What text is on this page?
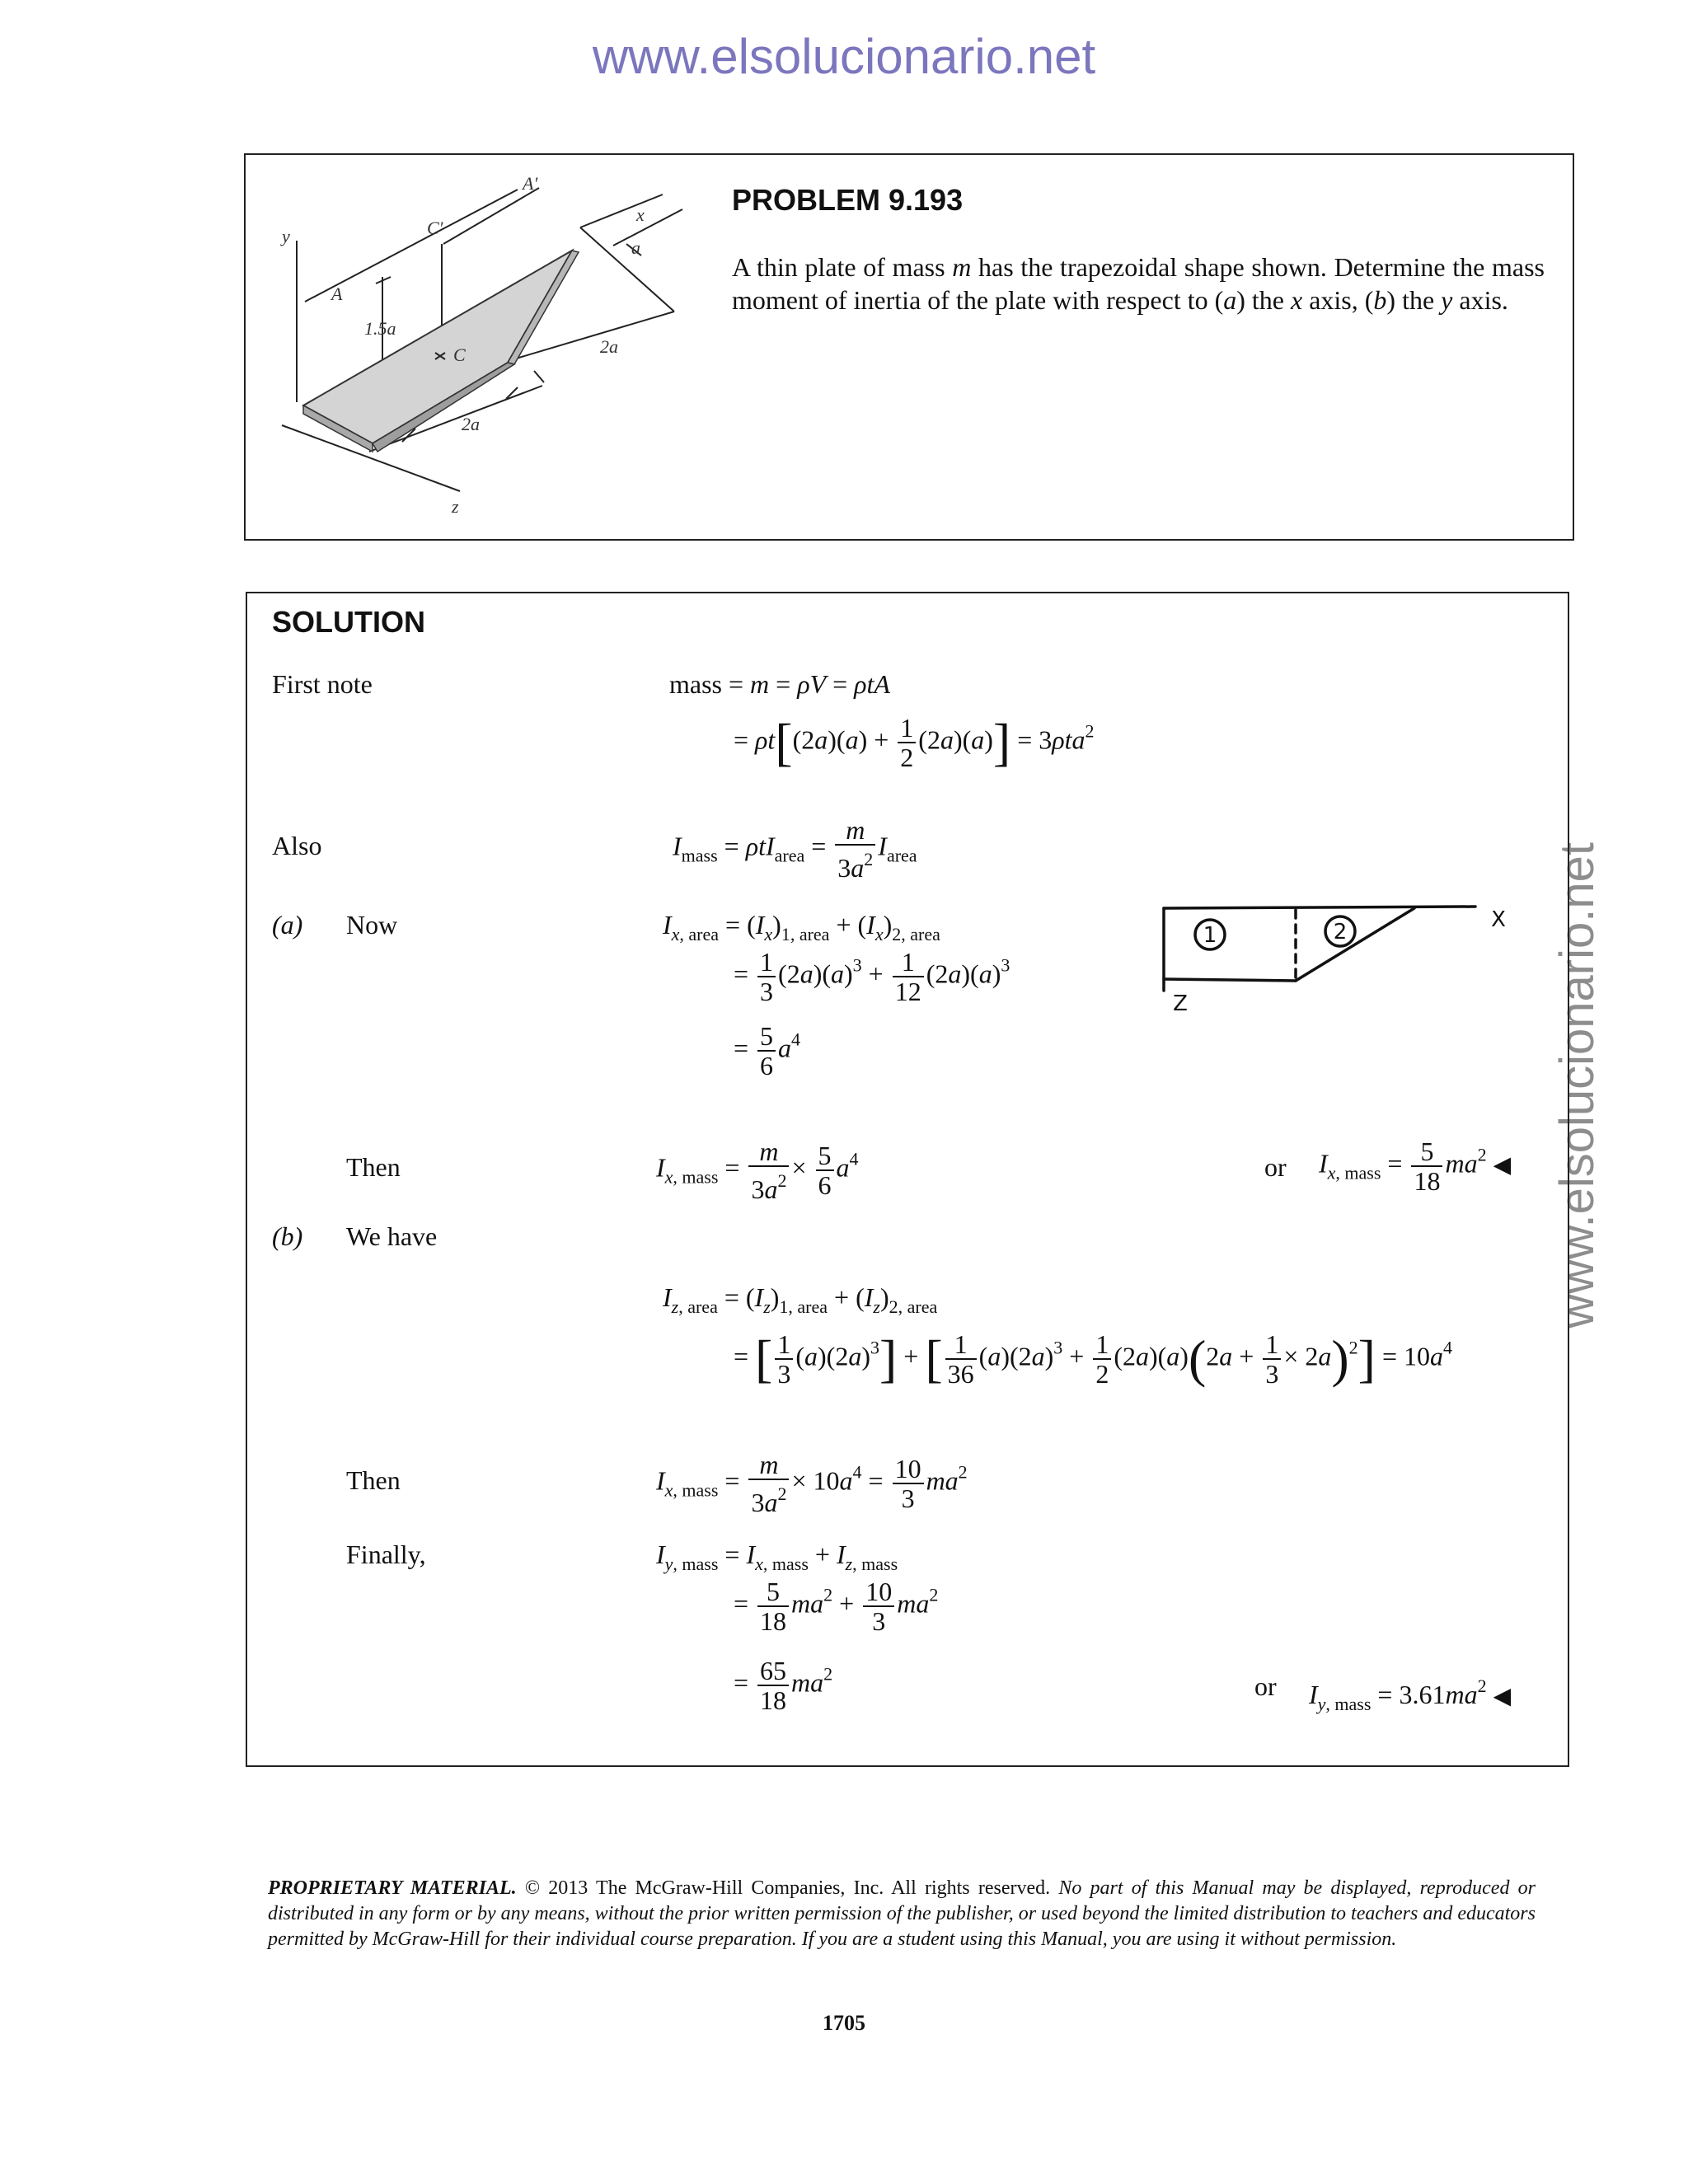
www.elsolucionario.net
www.elsolucionario.net
A′
C′
y
x
a
A
1.5a
C	2a
2a
z
PROBLEM 9.193
A thin plate of mass m has the trapezoidal shape shown. Determine the mass moment of inertia of the plate with respect to (a) the x axis, (b) the y axis.
SOLUTION
First note	mass = m = ρV = ρtA
= $\rho t[(2a)(a) + \frac{1}{2} (2a)(a)] = 3\rho ta^2$
Also	$I_{mass} = \rho tI_{area} = \frac{m}{3a^2} I_{area}$
(a) Now	$I_{x, area} = (I_x)_{1, area} + (I_x)_{2, area}$
= $\frac{1}{3} (2a)(a)^3 + \frac{1}{12} (2a)(a)^3$
= $\frac{5}{6} a^4$
1	2	X
Z
Then	$I_{x, mass} = \frac{m}{3a^2} \times \frac{5}{6} a^4$	or $I_{x, mass} = \frac{5}{18} ma^2$ ◀
(b) We have
$I_{z, area} = (I_z)_{1, area} + (I_z)_{2, area}$
= [ $\frac{1}{3} (a)(2a)^3$] + [ $\frac{1}{36} (a)(2a)^3 + \frac{1}{2} (2a)(a)(2a + \frac{1}{3} \times 2a)^2] = 10a^4$
Then	$I_{x, mass} = \frac{m}{3a^2} \times 10a^4 = \frac{10}{3} ma^2$
Finally,	$I_{y, mass} = I_{x, mass} + I_{z, mass}$
= $\frac{5}{18} ma^2 + \frac{10}{3} ma^2$
= $\frac{65}{18} ma^2$	or $I_{y, mass} = 3.61ma^2$ ◀
PROPRIETARY MATERIAL. © 2013 The McGraw-Hill Companies, Inc. All rights reserved. No part of this Manual may be displayed, reproduced or distributed in any form or by any means, without the prior written permission of the publisher, or used beyond the limited distribution to teachers and educators permitted by McGraw-Hill for their individual course preparation. If you are a student using this Manual, you are using it without permission.
1705
